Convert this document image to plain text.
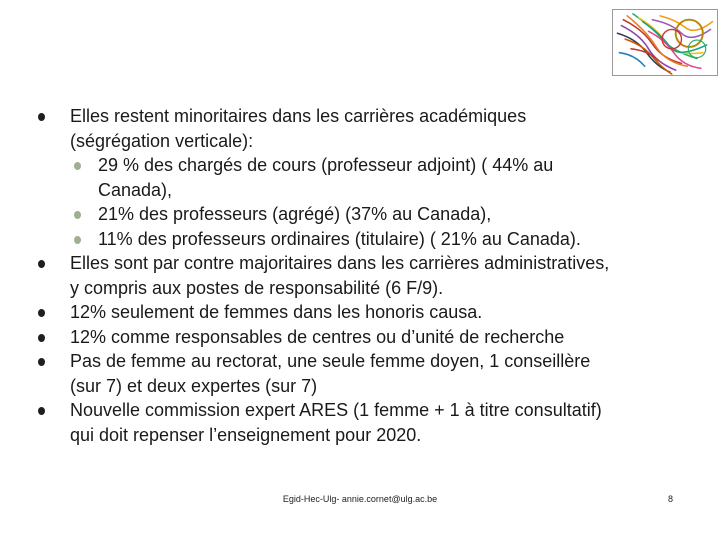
Elles restent minoritaires dans les carrières académiques
(ségrégation verticale):
29 % des chargés de cours (professeur adjoint) ( 44% au
Canada),
21% des professeurs (agrégé) (37% au Canada),
11% des professeurs ordinaires (titulaire) ( 21% au Canada).
Elles sont par contre majoritaires dans les carrières administratives,
y compris aux postes de responsabilité (6 F/9).
12% seulement de femmes dans les honoris causa.
12% comme responsables de centres ou d’unité de recherche
Pas de femme au rectorat, une seule femme doyen, 1 conseillère
(sur 7) et deux expertes (sur 7)
Nouvelle commission expert ARES (1 femme + 1 à titre consultatif)
qui doit repenser l’enseignement pour 2020.
Egid-Hec-Ulg- annie.cornet@ulg.ac.be	8
